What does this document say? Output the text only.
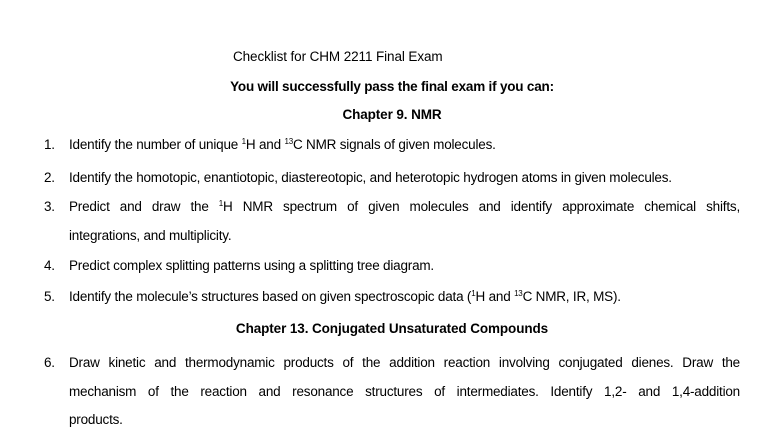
Checklist for CHM 2211 Final Exam
You will successfully pass the final exam if you can:
Chapter 9. NMR
1. Identify the number of unique $^1$H and $^{13}$C NMR signals of given molecules.
2. Identify the homotopic, enantiotopic, diastereotopic, and heterotopic hydrogen atoms in given molecules.
3. Predict and draw the $^1$H NMR spectrum of given molecules and identify approximate chemical shifts,
integrations, and multiplicity.
4. Predict complex splitting patterns using a splitting tree diagram.
5. Identify the molecule’s structures based on given spectroscopic data ($^1$H and $^{13}$C NMR, IR, MS).
Chapter 13. Conjugated Unsaturated Compounds
6. Draw kinetic and thermodynamic products of the addition reaction involving conjugated dienes. Draw the
mechanism of the reaction and resonance structures of intermediates. Identify 1,2- and 1,4-addition
products.
